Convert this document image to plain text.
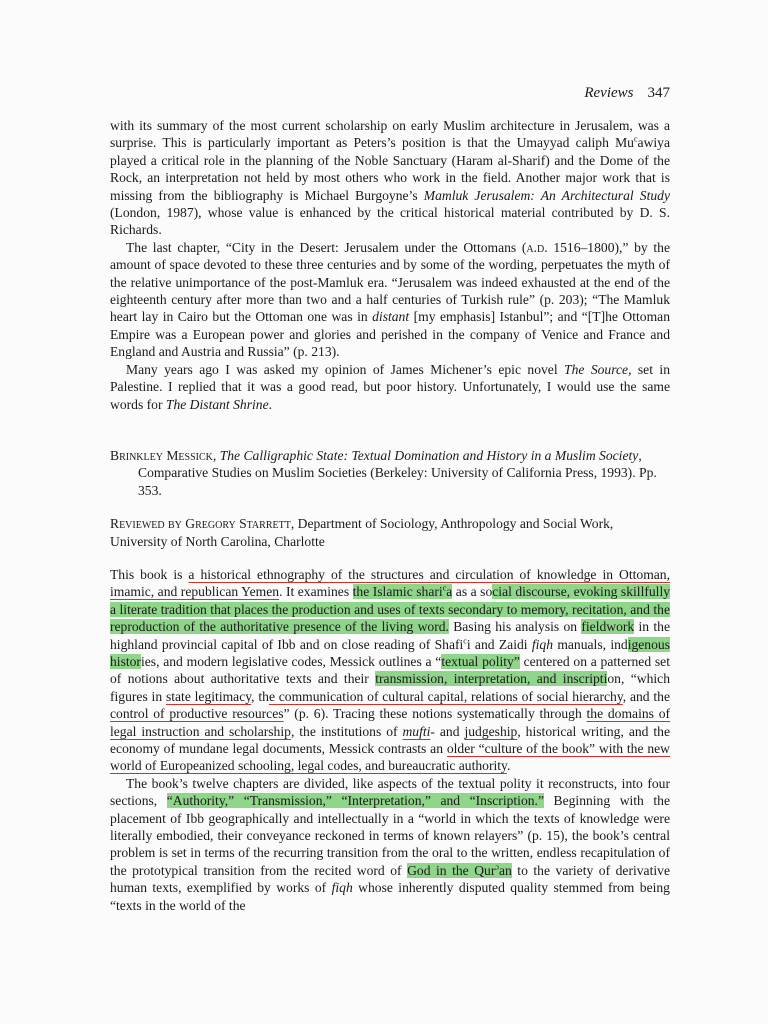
Reviews 347

with its summary of the most current scholarship on early Muslim architecture in Jerusalem, was a surprise. This is particularly important as Peters’s position is that the Umayyad caliph Mu$^c$awiya played a critical role in the planning of the Noble Sanctuary (Haram al-Sharif) and the Dome of the Rock, an interpretation not held by most others who work in the field. Another major work that is missing from the bibliography is Michael Burgoyne’s Mamluk Jerusalem: An Architectural Study (London, 1987), whose value is enhanced by the critical historical material contributed by D. S. Richards.

The last chapter, “City in the Desert: Jerusalem under the Ottomans (a.d. 1516–1800),” by the amount of space devoted to these three centuries and by some of the wording, perpetuates the myth of the relative unimportance of the post-Mamluk era. “Jerusalem was indeed exhausted at the end of the eighteenth century after more than two and a half centuries of Turkish rule” (p. 203); “The Mamluk heart lay in Cairo but the Ottoman one was in distant [my emphasis] Istanbul”; and “[T]he Ottoman Empire was a European power and glories and perished in the company of Venice and France and England and Austria and Russia” (p. 213).

Many years ago I was asked my opinion of James Michener’s epic novel The Source, set in Palestine. I replied that it was a good read, but poor history. Unfortunately, I would use the same words for The Distant Shrine.

Brinkley Messick, The Calligraphic State: Textual Domination and History in a Muslim Society, Comparative Studies on Muslim Societies (Berkeley: University of California Press, 1993). Pp. 353.

Reviewed by Gregory Starrett, Department of Sociology, Anthropology and Social Work, University of North Carolina, Charlotte

This book is a historical ethnography of the structures and circulation of knowledge in Ottoman, imamic, and republican Yemen. It examines the Islamic shari$^c$a as a social discourse, evoking skillfully a literate tradition that places the production and uses of texts secondary to memory, recitation, and the reproduction of the authoritative presence of the living word. Basing his analysis on fieldwork in the highland provincial capital of Ibb and on close reading of Shafi$^c$i and Zaidi fiqh manuals, indigenous histories, and modern legislative codes, Messick outlines a “textual polity” centered on a patterned set of notions about authoritative texts and their transmission, interpretation, and inscription, “which figures in state legitimacy, the communication of cultural capital, relations of social hierarchy, and the control of productive resources” (p. 6). Tracing these notions systematically through the domains of legal instruction and scholarship, the institutions of mufti- and judgeship, historical writing, and the economy of mundane legal documents, Messick contrasts an older “culture of the book” with the new world of Europeanized schooling, legal codes, and bureaucratic authority.

The book’s twelve chapters are divided, like aspects of the textual polity it reconstructs, into four sections, “Authority,” “Transmission,” “Interpretation,” and “Inscription.” Beginning with the placement of Ibb geographically and intellectually in a “world in which the texts of knowledge were literally embodied, their conveyance reckoned in terms of known relayers” (p. 15), the book’s central problem is set in terms of the recurring transition from the oral to the written, endless recapitulation of the prototypical transition from the recited word of God in the Qur$^ɔ$an to the variety of derivative human texts, exemplified by works of fiqh whose inherently disputed quality stemmed from being “texts in the world of the
